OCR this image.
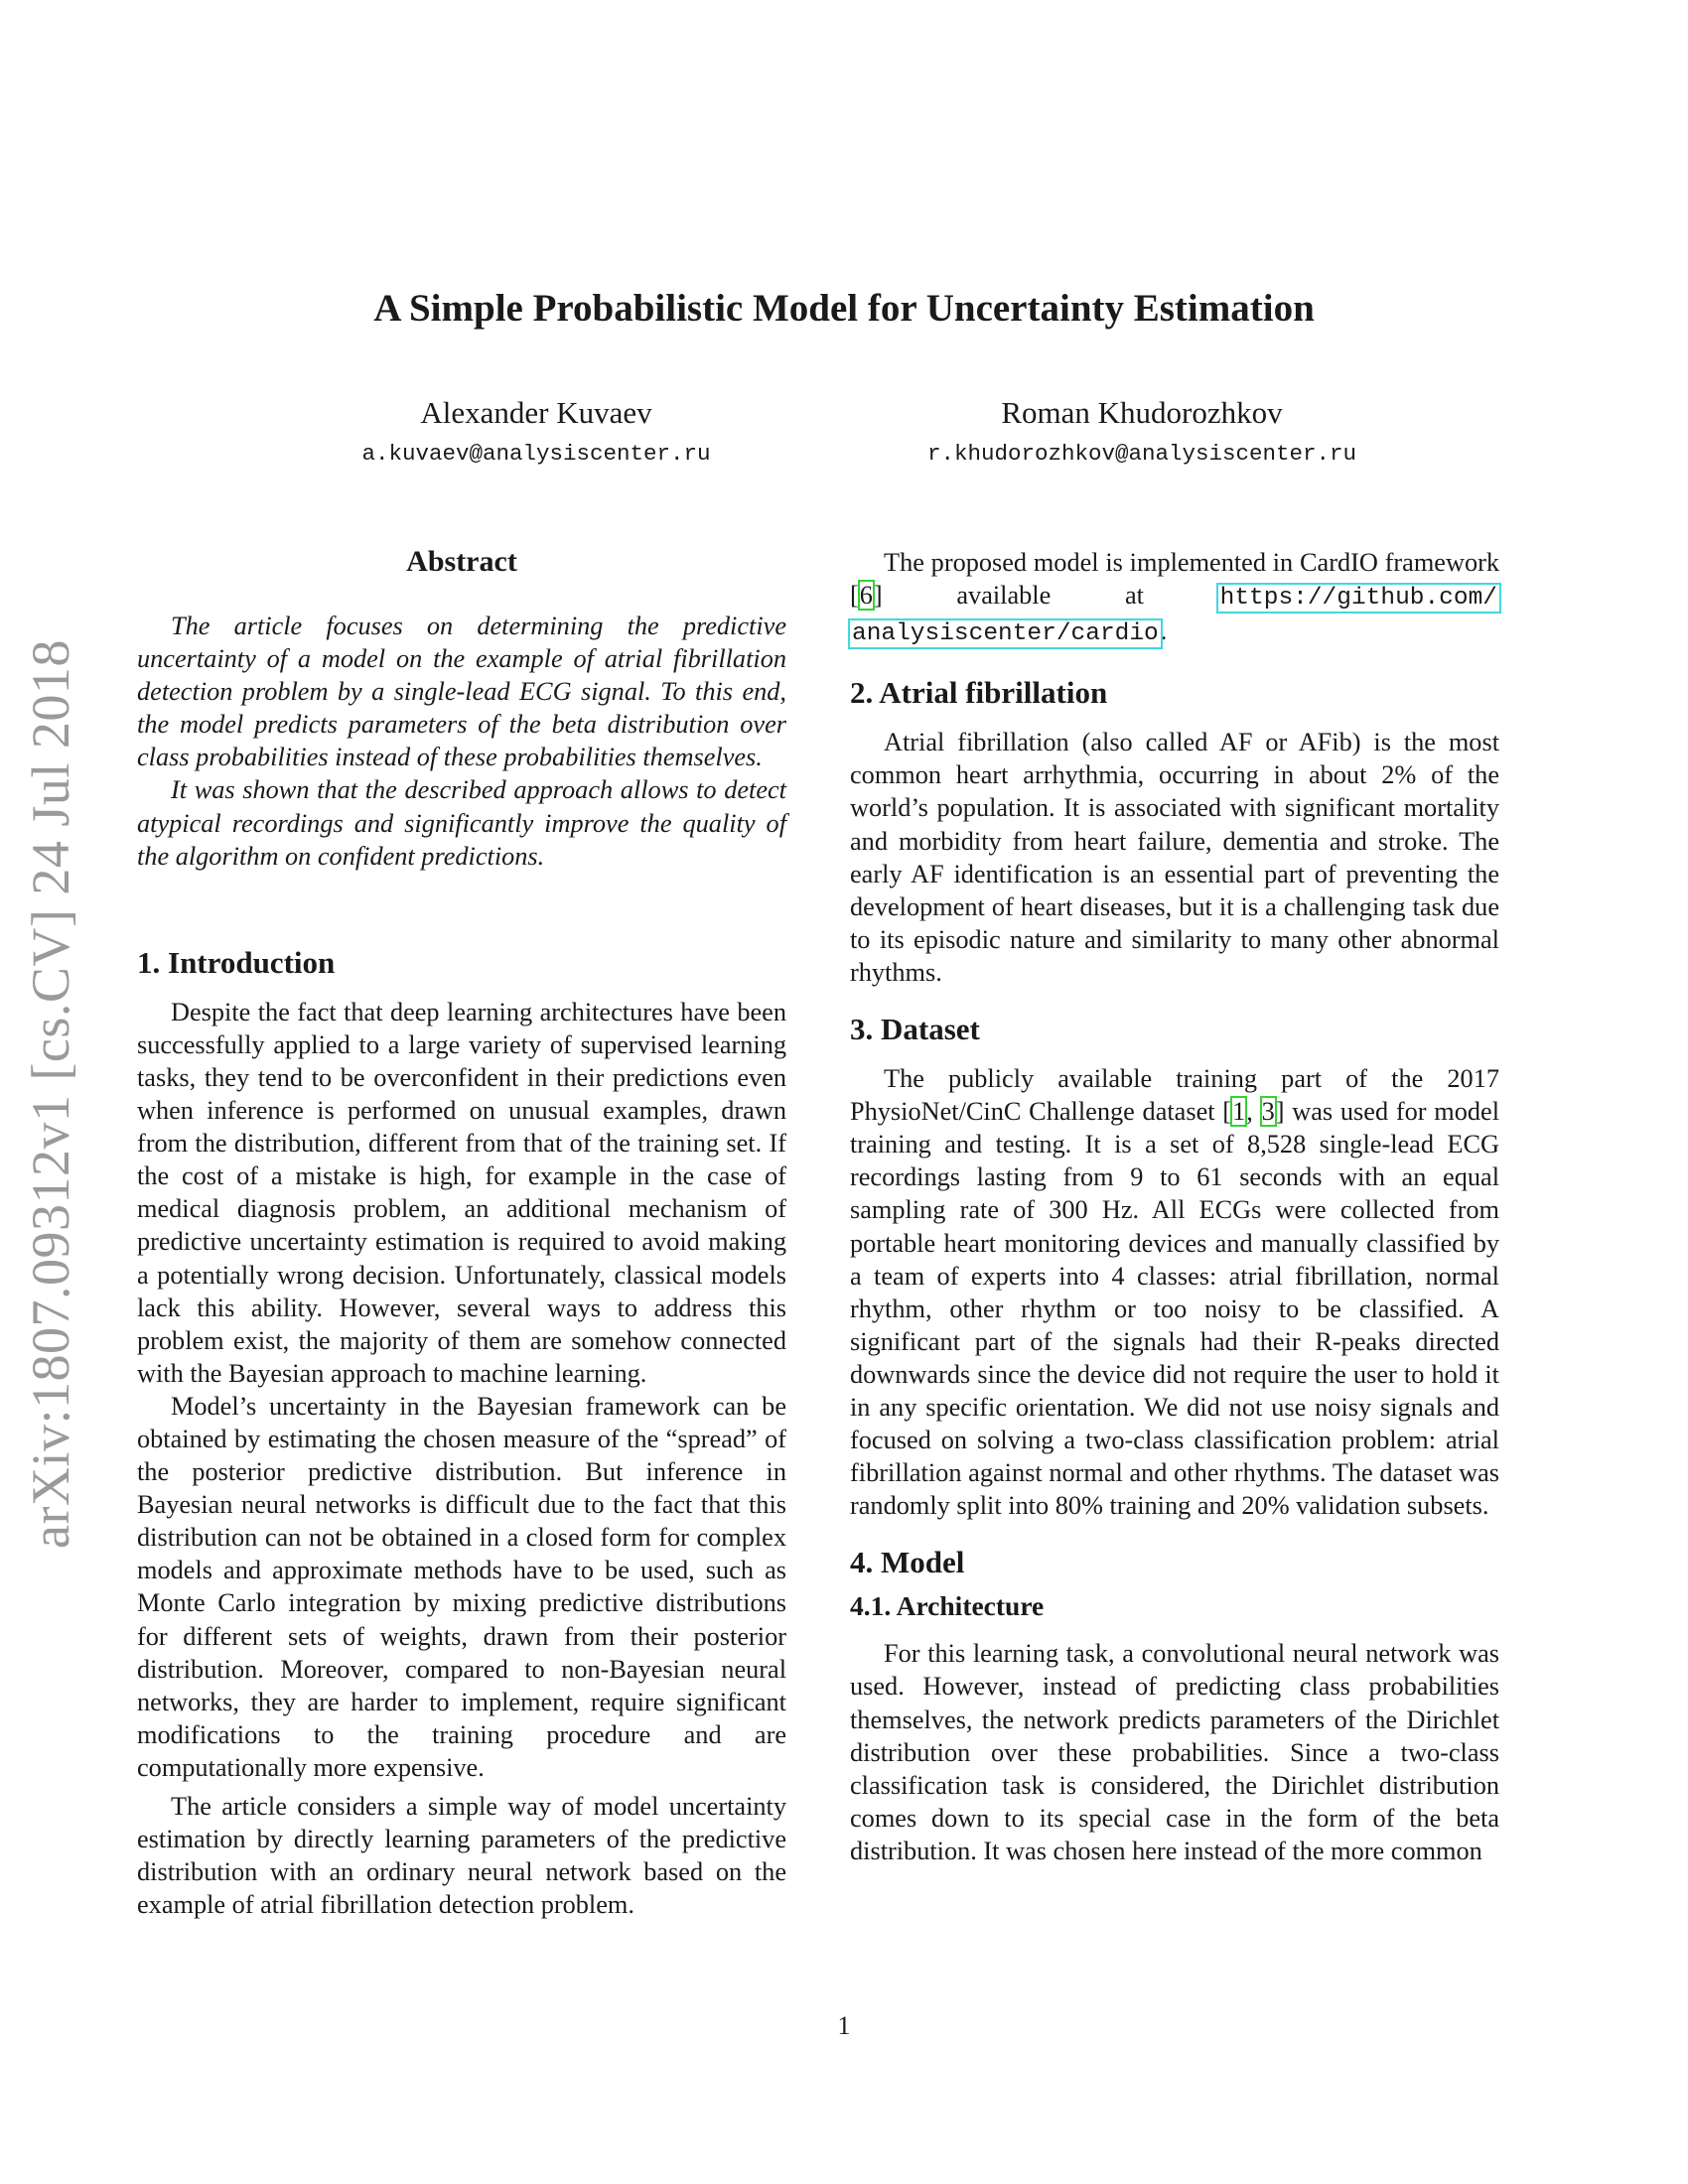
arXiv:1807.09312v1 [cs.CV] 24 Jul 2018
A Simple Probabilistic Model for Uncertainty Estimation
Alexander Kuvaev
a.kuvaev@analysiscenter.ru
Roman Khudorozhkov
r.khudorozhkov@analysiscenter.ru
Abstract

The article focuses on determining the predictive uncertainty of a model on the example of atrial fibrillation detection problem by a single-lead ECG signal. To this end, the model predicts parameters of the beta distribution over class probabilities instead of these probabilities themselves.

It was shown that the described approach allows to detect atypical recordings and significantly improve the quality of the algorithm on confident predictions.

1. Introduction

Despite the fact that deep learning architectures have been successfully applied to a large variety of supervised learning tasks, they tend to be overconfident in their predictions even when inference is performed on unusual examples, drawn from the distribution, different from that of the training set. If the cost of a mistake is high, for example in the case of medical diagnosis problem, an additional mechanism of predictive uncertainty estimation is required to avoid making a potentially wrong decision. Unfortunately, classical models lack this ability. However, several ways to address this problem exist, the majority of them are somehow connected with the Bayesian approach to machine learning.

Model’s uncertainty in the Bayesian framework can be obtained by estimating the chosen measure of the “spread” of the posterior predictive distribution. But inference in Bayesian neural networks is difficult due to the fact that this distribution can not be obtained in a closed form for complex models and approximate methods have to be used, such as Monte Carlo integration by mixing predictive distributions for different sets of weights, drawn from their posterior distribution. Moreover, compared to non-Bayesian neural networks, they are harder to implement, require significant modifications to the training procedure and are computationally more expensive.

The article considers a simple way of model uncertainty estimation by directly learning parameters of the predictive distribution with an ordinary neural network based on the example of atrial fibrillation detection problem.

The proposed model is implemented in CardIO framework [6] available at https://github.com/ analysiscenter/cardio.

2. Atrial fibrillation

Atrial fibrillation (also called AF or AFib) is the most common heart arrhythmia, occurring in about 2% of the world’s population. It is associated with significant mortality and morbidity from heart failure, dementia and stroke. The early AF identification is an essential part of preventing the development of heart diseases, but it is a challenging task due to its episodic nature and similarity to many other abnormal rhythms.

3. Dataset

The publicly available training part of the 2017 PhysioNet/CinC Challenge dataset [1, 3] was used for model training and testing. It is a set of 8,528 single-lead ECG recordings lasting from 9 to 61 seconds with an equal sampling rate of 300 Hz. All ECGs were collected from portable heart monitoring devices and manually classified by a team of experts into 4 classes: atrial fibrillation, normal rhythm, other rhythm or too noisy to be classified. A significant part of the signals had their R-peaks directed downwards since the device did not require the user to hold it in any specific orientation. We did not use noisy signals and focused on solving a two-class classification problem: atrial fibrillation against normal and other rhythms. The dataset was randomly split into 80% training and 20% validation subsets.

4. Model
4.1. Architecture

For this learning task, a convolutional neural network was used. However, instead of predicting class probabilities themselves, the network predicts parameters of the Dirichlet distribution over these probabilities. Since a two-class classification task is considered, the Dirichlet distribution comes down to its special case in the form of the beta distribution. It was chosen here instead of the more common

1
